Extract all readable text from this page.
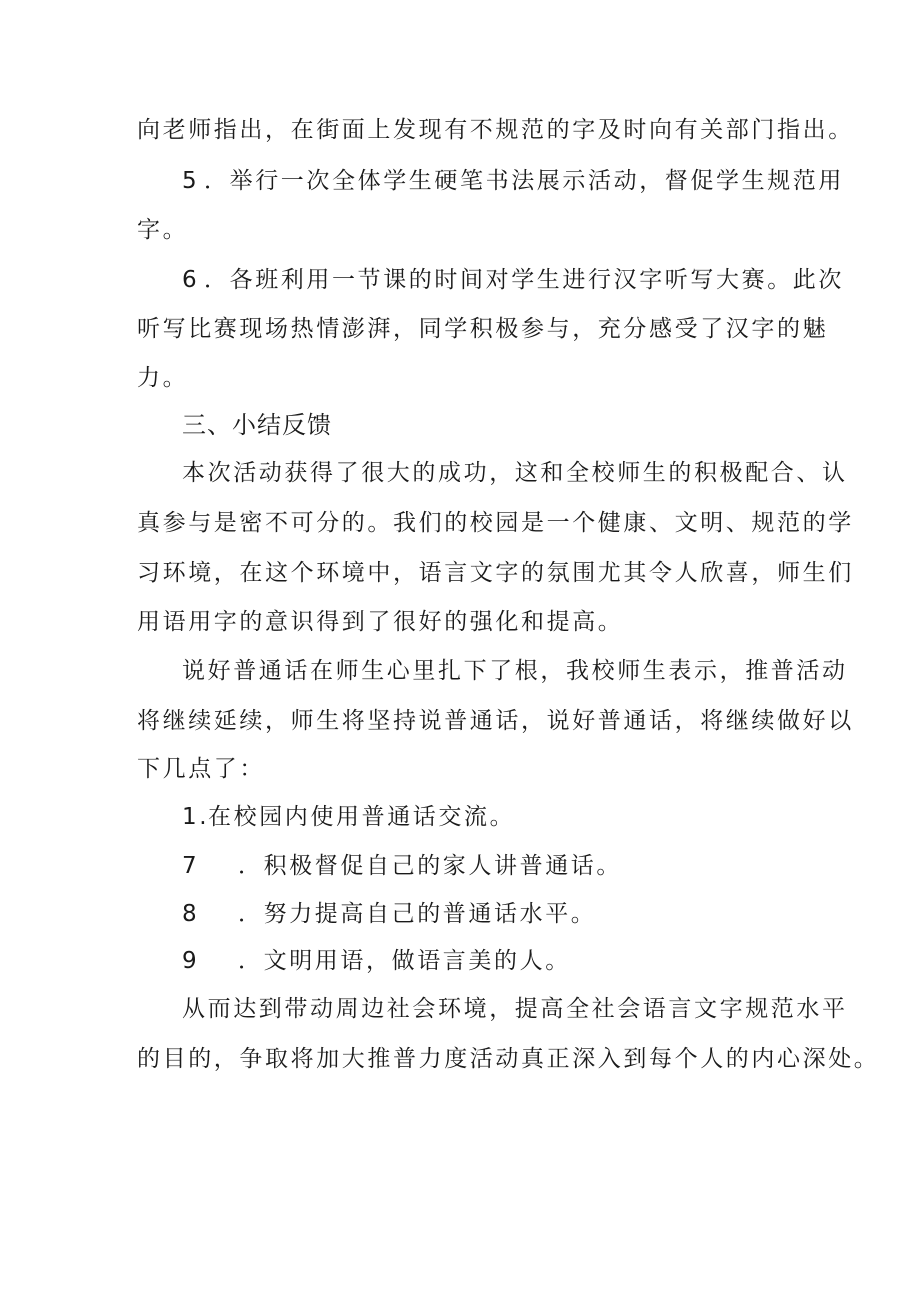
向老师指出，在街面上发现有不规范的字及时向有关部门指出。
5 ．举行一次全体学生硬笔书法展示活动，督促学生规范用
字。
6 ．各班利用一节课的时间对学生进行汉字听写大赛。此次
听写比赛现场热情澎湃，同学积极参与，充分感受了汉字的魅
力。
三、小结反馈
本次活动获得了很大的成功，这和全校师生的积极配合、认
真参与是密不可分的。我们的校园是一个健康、文明、规范的学
习环境，在这个环境中，语言文字的氛围尤其令人欣喜，师生们
用语用字的意识得到了很好的强化和提高。
说好普通话在师生心里扎下了根，我校师生表示，推普活动
将继续延续，师生将坚持说普通话，说好普通话，将继续做好以
下几点了：
1.在校园内使用普通话交流。
7 ．积极督促自己的家人讲普通话。
8 ．努力提高自己的普通话水平。
9 ．文明用语，做语言美的人。
从而达到带动周边社会环境，提高全社会语言文字规范水平
的目的，争取将加大推普力度活动真正深入到每个人的内心深处。
